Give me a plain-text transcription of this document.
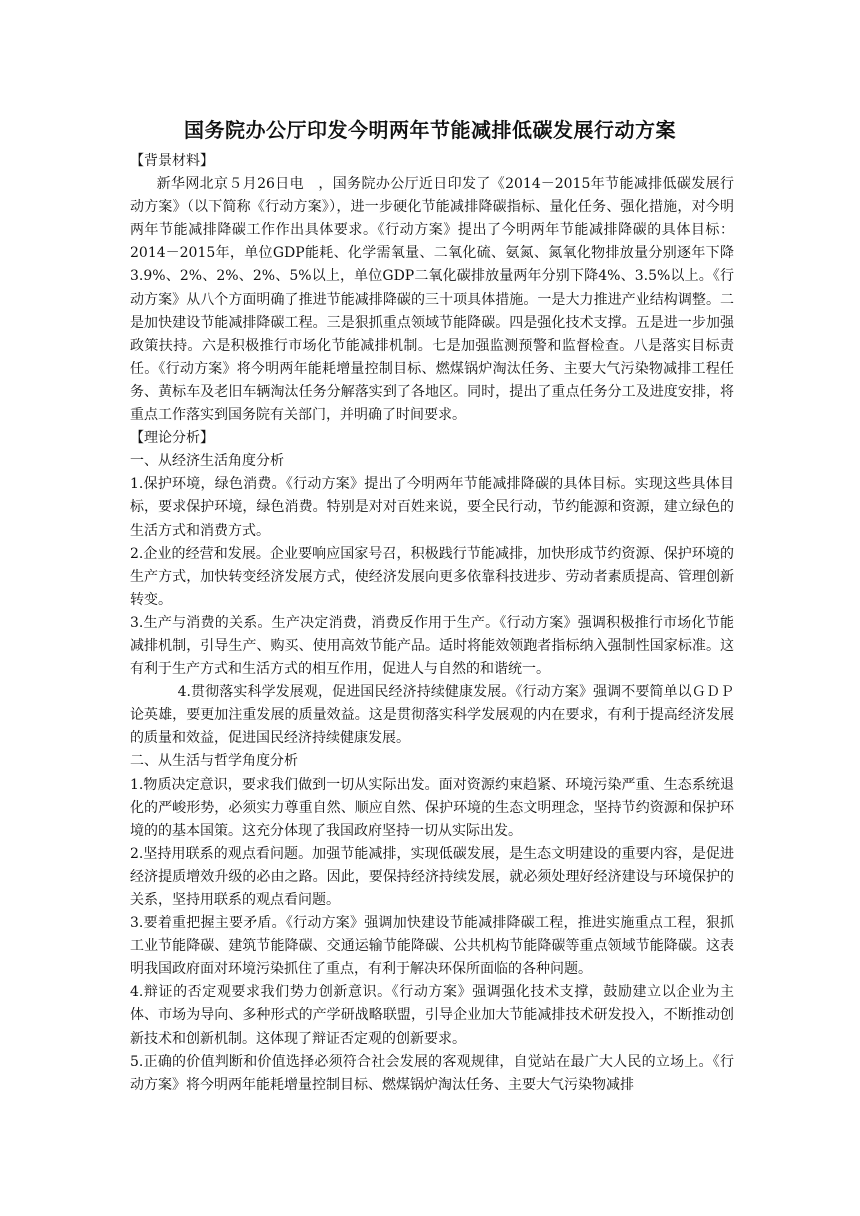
国务院办公厅印发今明两年节能减排低碳发展行动方案

【背景材料】

新华网北京５月26日电　，国务院办公厅近日印发了《2014－2015年节能减排低碳发展行动方案》（以下简称《行动方案》），进一步硬化节能减排降碳指标、量化任务、强化措施，对今明两年节能减排降碳工作作出具体要求。《行动方案》提出了今明两年节能减排降碳的具体目标：2014－2015年，单位GDP能耗、化学需氧量、二氧化硫、氨氮、氮氧化物排放量分别逐年下降3.9%、2%、2%、2%、5%以上，单位GDP二氧化碳排放量两年分别下降4%、3.5%以上。《行动方案》从八个方面明确了推进节能减排降碳的三十项具体措施。一是大力推进产业结构调整。二是加快建设节能减排降碳工程。三是狠抓重点领域节能降碳。四是强化技术支撑。五是进一步加强政策扶持。六是积极推行市场化节能减排机制。七是加强监测预警和监督检查。八是落实目标责任。《行动方案》将今明两年能耗增量控制目标、燃煤锅炉淘汰任务、主要大气污染物减排工程任务、黄标车及老旧车辆淘汰任务分解落实到了各地区。同时，提出了重点任务分工及进度安排，将重点工作落实到国务院有关部门，并明确了时间要求。

【理论分析】

一、从经济生活角度分析

1.保护环境，绿色消费。《行动方案》提出了今明两年节能减排降碳的具体目标。实现这些具体目标，要求保护环境，绿色消费。特别是对对百姓来说，要全民行动，节约能源和资源，建立绿色的生活方式和消费方式。

2.企业的经营和发展。企业要响应国家号召，积极践行节能减排，加快形成节约资源、保护环境的生产方式，加快转变经济发展方式，使经济发展向更多依靠科技进步、劳动者素质提高、管理创新转变。

3.生产与消费的关系。生产决定消费，消费反作用于生产。《行动方案》强调积极推行市场化节能减排机制，引导生产、购买、使用高效节能产品。适时将能效领跑者指标纳入强制性国家标准。这有利于生产方式和生活方式的相互作用，促进人与自然的和谐统一。

4.贯彻落实科学发展观，促进国民经济持续健康发展。《行动方案》强调不要简单以ＧＤＰ论英雄，要更加注重发展的质量效益。这是贯彻落实科学发展观的内在要求，有利于提高经济发展的质量和效益，促进国民经济持续健康发展。

二、从生活与哲学角度分析

1.物质决定意识，要求我们做到一切从实际出发。面对资源约束趋紧、环境污染严重、生态系统退化的严峻形势，必须实力尊重自然、顺应自然、保护环境的生态文明理念，坚持节约资源和保护环境的的基本国策。这充分体现了我国政府坚持一切从实际出发。

2.坚持用联系的观点看问题。加强节能减排，实现低碳发展，是生态文明建设的重要内容，是促进经济提质增效升级的必由之路。因此，要保持经济持续发展，就必须处理好经济建设与环境保护的关系，坚持用联系的观点看问题。

3.要着重把握主要矛盾。《行动方案》强调加快建设节能减排降碳工程，推进实施重点工程，狠抓工业节能降碳、建筑节能降碳、交通运输节能降碳、公共机构节能降碳等重点领域节能降碳。这表明我国政府面对环境污染抓住了重点，有利于解决环保所面临的各种问题。

4.辩证的否定观要求我们势力创新意识。《行动方案》强调强化技术支撑，鼓励建立以企业为主体、市场为导向、多种形式的产学研战略联盟，引导企业加大节能减排技术研发投入，不断推动创新技术和创新机制。这体现了辩证否定观的创新要求。

5.正确的价值判断和价值选择必须符合社会发展的客观规律，自觉站在最广大人民的立场上。《行动方案》将今明两年能耗增量控制目标、燃煤锅炉淘汰任务、主要大气污染物减排
